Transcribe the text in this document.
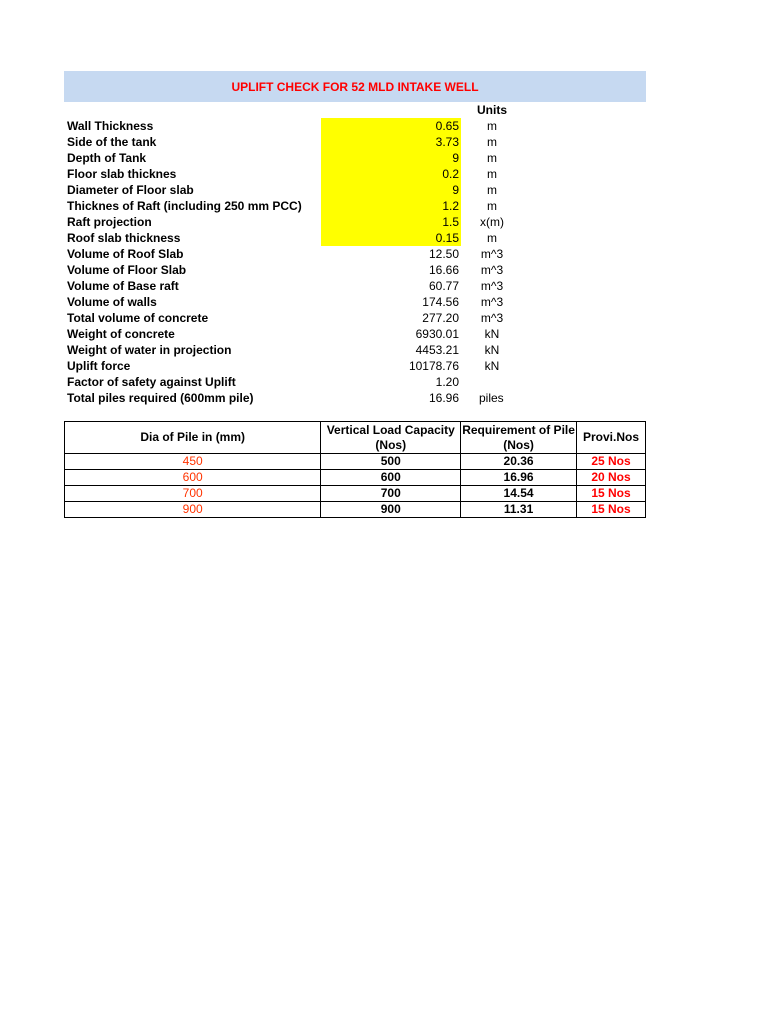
UPLIFT CHECK FOR 52 MLD INTAKE WELL
Units
Wall Thickness	0.65	m
Side of the tank	3.73	m
Depth of Tank	9	m
Floor slab thicknes	0.2	m
Diameter of Floor slab	9	m
Thicknes of Raft (including 250 mm PCC)	1.2	m
Raft projection	1.5	x(m)
Roof slab thickness	0.15	m
Volume of Roof Slab	12.50	m^3
Volume of Floor Slab	16.66	m^3
Volume of Base raft	60.77	m^3
Volume of walls	174.56	m^3
Total volume of concrete	277.20	m^3
Weight of concrete	6930.01	kN
Weight of water in projection	4453.21	kN
Uplift force	10178.76	kN
Factor of safety against Uplift	1.20
Total piles required (600mm pile)	16.96	piles
Dia of Pile in (mm)	Vertical Load Capacity (Nos)	Requirement of Pile (Nos)	Provi.Nos
450	500	20.36	25 Nos
600	600	16.96	20 Nos
700	700	14.54	15 Nos
900	900	11.31	15 Nos
